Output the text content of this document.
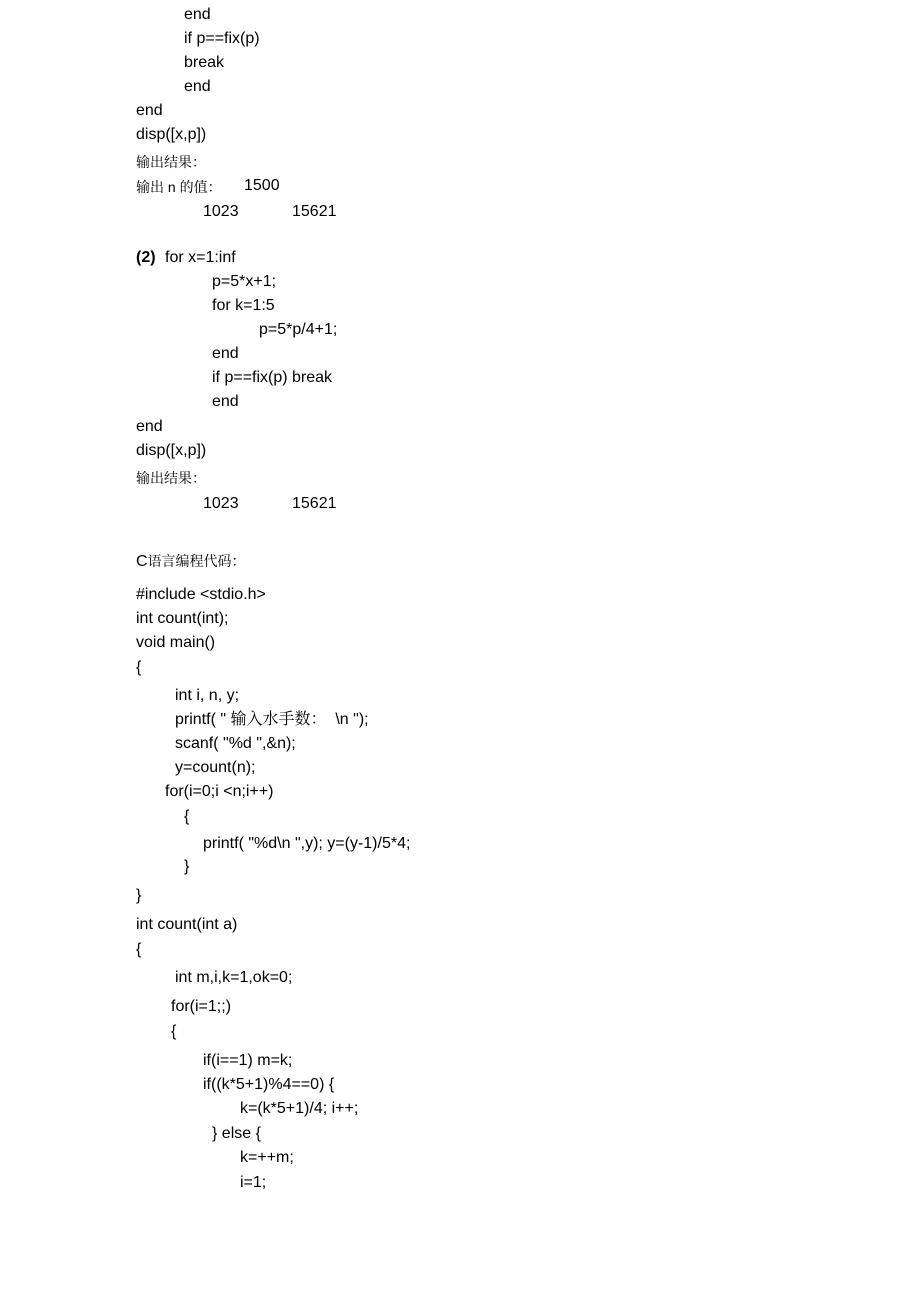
end
if p==fix(p)
break
end
end
disp([x,p])
输出结果：
输出 n 的值： 1500
1023	15621
(2) for x=1:inf
p=5*x+1;
for k=1:5
p=5*p/4+1;
end
if p==fix(p) break
end
end
disp([x,p])
输出结果：
1023	15621
C语言编程代码：
#include <stdio.h>
int count(int);
void main()
{
int i, n, y;
printf( " 输入水手数：  \n ");
scanf( "%d ",&n);
y=count(n);
for(i=0;i <n;i++)
{
printf( "%d\n ",y); y=(y-1)/5*4;
}
}
int count(int a)
{
int m,i,k=1,ok=0;
for(i=1;;)
{
if(i==1) m=k;
if((k*5+1)%4==0) {
k=(k*5+1)/4; i++;
} else {
k=++m;
i=1;
